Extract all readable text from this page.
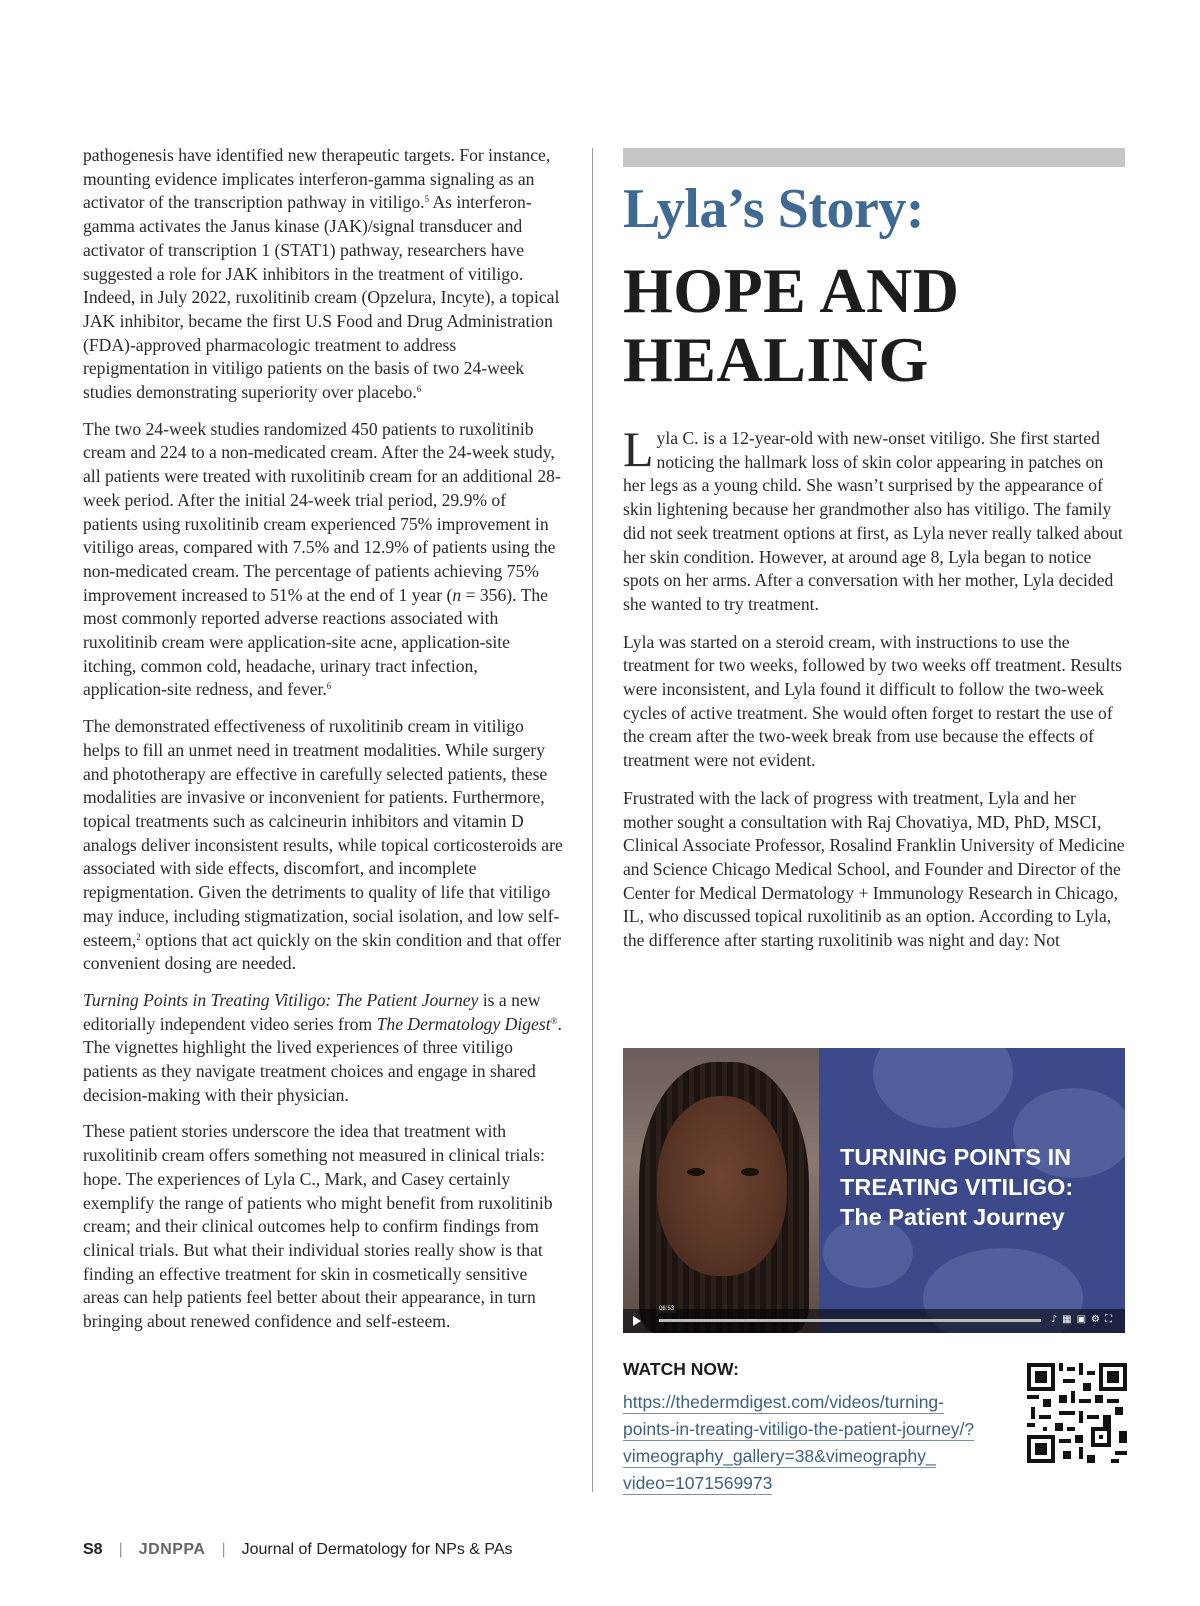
pathogenesis have identified new therapeutic targets. For instance, mounting evidence implicates interferon-gamma signaling as an activator of the transcription pathway in vitiligo.$^5$ As interferon-gamma activates the Janus kinase (JAK)/signal transducer and activator of transcription 1 (STAT1) pathway, researchers have suggested a role for JAK inhibitors in the treatment of vitiligo. Indeed, in July 2022, ruxolitinib cream (Opzelura, Incyte), a topical JAK inhibitor, became the first U.S Food and Drug Administration (FDA)-approved pharmacologic treatment to address repigmentation in vitiligo patients on the basis of two 24-week studies demonstrating superiority over placebo.$^6$

The two 24-week studies randomized 450 patients to ruxolitinib cream and 224 to a non-medicated cream. After the 24-week study, all patients were treated with ruxolitinib cream for an additional 28-week period. After the initial 24-week trial period, 29.9% of patients using ruxolitinib cream experienced 75% improvement in vitiligo areas, compared with 7.5% and 12.9% of patients using the non-medicated cream. The percentage of patients achieving 75% improvement increased to 51% at the end of 1 year (n = 356). The most commonly reported adverse reactions associated with ruxolitinib cream were application-site acne, application-site itching, common cold, headache, urinary tract infection, application-site redness, and fever.$^6$

The demonstrated effectiveness of ruxolitinib cream in vitiligo helps to fill an unmet need in treatment modalities. While surgery and phototherapy are effective in carefully selected patients, these modalities are invasive or inconvenient for patients. Furthermore, topical treatments such as calcineurin inhibitors and vitamin D analogs deliver inconsistent results, while topical corticosteroids are associated with side effects, discomfort, and incomplete repigmentation. Given the detriments to quality of life that vitiligo may induce, including stigmatization, social isolation, and low self-esteem,$^2$ options that act quickly on the skin condition and that offer convenient dosing are needed.

Turning Points in Treating Vitiligo: The Patient Journey is a new editorially independent video series from The Dermatology Digest®. The vignettes highlight the lived experiences of three vitiligo patients as they navigate treatment choices and engage in shared decision-making with their physician.

These patient stories underscore the idea that treatment with ruxolitinib cream offers something not measured in clinical trials: hope. The experiences of Lyla C., Mark, and Casey certainly exemplify the range of patients who might benefit from ruxolitinib cream; and their clinical outcomes help to confirm findings from clinical trials. But what their individual stories really show is that finding an effective treatment for skin in cosmetically sensitive areas can help patients feel better about their appearance, in turn bringing about renewed confidence and self-esteem.

Lyla’s Story:
HOPE AND
HEALING

Lyla C. is a 12-year-old with new-onset vitiligo. She first started noticing the hallmark loss of skin color appearing in patches on her legs as a young child. She wasn’t surprised by the appearance of skin lightening because her grandmother also has vitiligo. The family did not seek treatment options at first, as Lyla never really talked about her skin condition. However, at around age 8, Lyla began to notice spots on her arms. After a conversation with her mother, Lyla decided she wanted to try treatment.

Lyla was started on a steroid cream, with instructions to use the treatment for two weeks, followed by two weeks off treatment. Results were inconsistent, and Lyla found it difficult to follow the two-week cycles of active treatment. She would often forget to restart the use of the cream after the two-week break from use because the effects of treatment were not evident.

Frustrated with the lack of progress with treatment, Lyla and her mother sought a consultation with Raj Chovatiya, MD, PhD, MSCI, Clinical Associate Professor, Rosalind Franklin University of Medicine and Science Chicago Medical School, and Founder and Director of the Center for Medical Dermatology + Immunology Research in Chicago, IL, who discussed topical ruxolitinib as an option. According to Lyla, the difference after starting ruxolitinib was night and day: Not

TURNING POINTS IN
TREATING VITILIGO:
The Patient Journey
06:53
♪▦▣⚙⛶
WATCH NOW:
https://thedermdigest.com/videos/turning-
points-in-treating-vitiligo-the-patient-journey/?
vimeography_gallery=38&vimeography_
video=1071569973
S8 | JDNPPA | Journal of Dermatology for NPs & PAs
